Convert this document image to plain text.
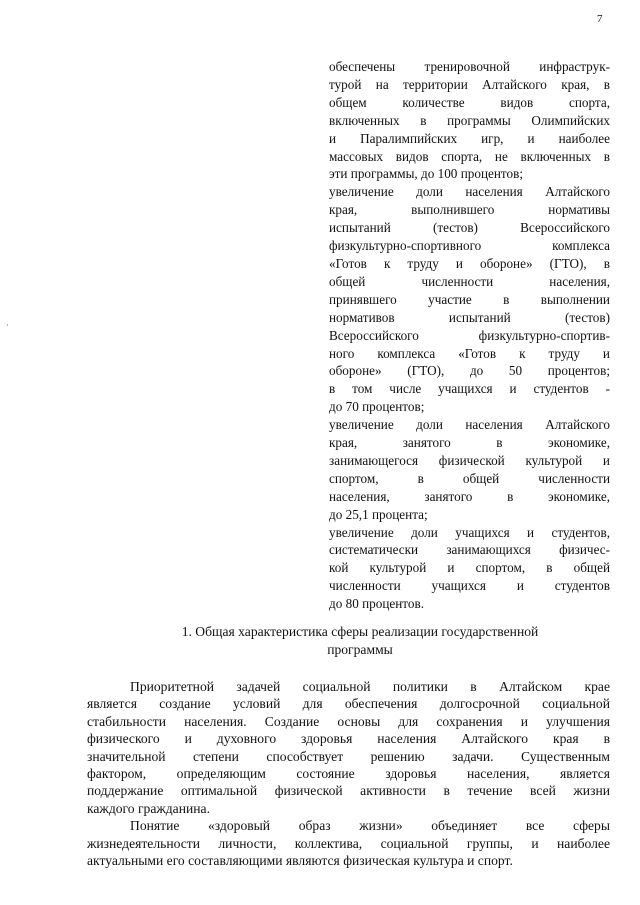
7
·
обеспечены тренировочной инфраструк-
турой на территории Алтайского края, в
общем количестве видов спорта,
включенных в программы Олимпийских
и Паралимпийских игр, и наиболее
массовых видов спорта, не включенных в
эти программы, до 100 процентов;
увеличение доли населения Алтайского
края, выполнившего нормативы
испытаний (тестов) Всероссийского
физкультурно-спортивного комплекса
«Готов к труду и обороне» (ГТО), в
общей численности населения,
принявшего участие в выполнении
нормативов испытаний (тестов)
Всероссийского физкультурно-спортив-
ного комплекса «Готов к труду и
обороне» (ГТО), до 50 процентов;
в том числе учащихся и студентов -
до 70 процентов;
увеличение доли населения Алтайского
края, занятого в экономике,
занимающегося физической культурой и
спортом, в общей численности
населения, занятого в экономике,
до 25,1 процента;
увеличение доли учащихся и студентов,
систематически занимающихся физичес-
кой культурой и спортом, в общей
численности учащихся и студентов
до 80 процентов.
1. Общая характеристика сферы реализации государственной
программы
Приоритетной задачей социальной политики в Алтайском крае
является создание условий для обеспечения долгосрочной социальной
стабильности населения. Создание основы для сохранения и улучшения
физического и духовного здоровья населения Алтайского края в
значительной степени способствует решению задачи. Существенным
фактором, определяющим состояние здоровья населения, является
поддержание оптимальной физической активности в течение всей жизни
каждого гражданина.
Понятие «здоровый образ жизни» объединяет все сферы
жизнедеятельности личности, коллектива, социальной группы, и наиболее
актуальными его составляющими являются физическая культура и спорт.
